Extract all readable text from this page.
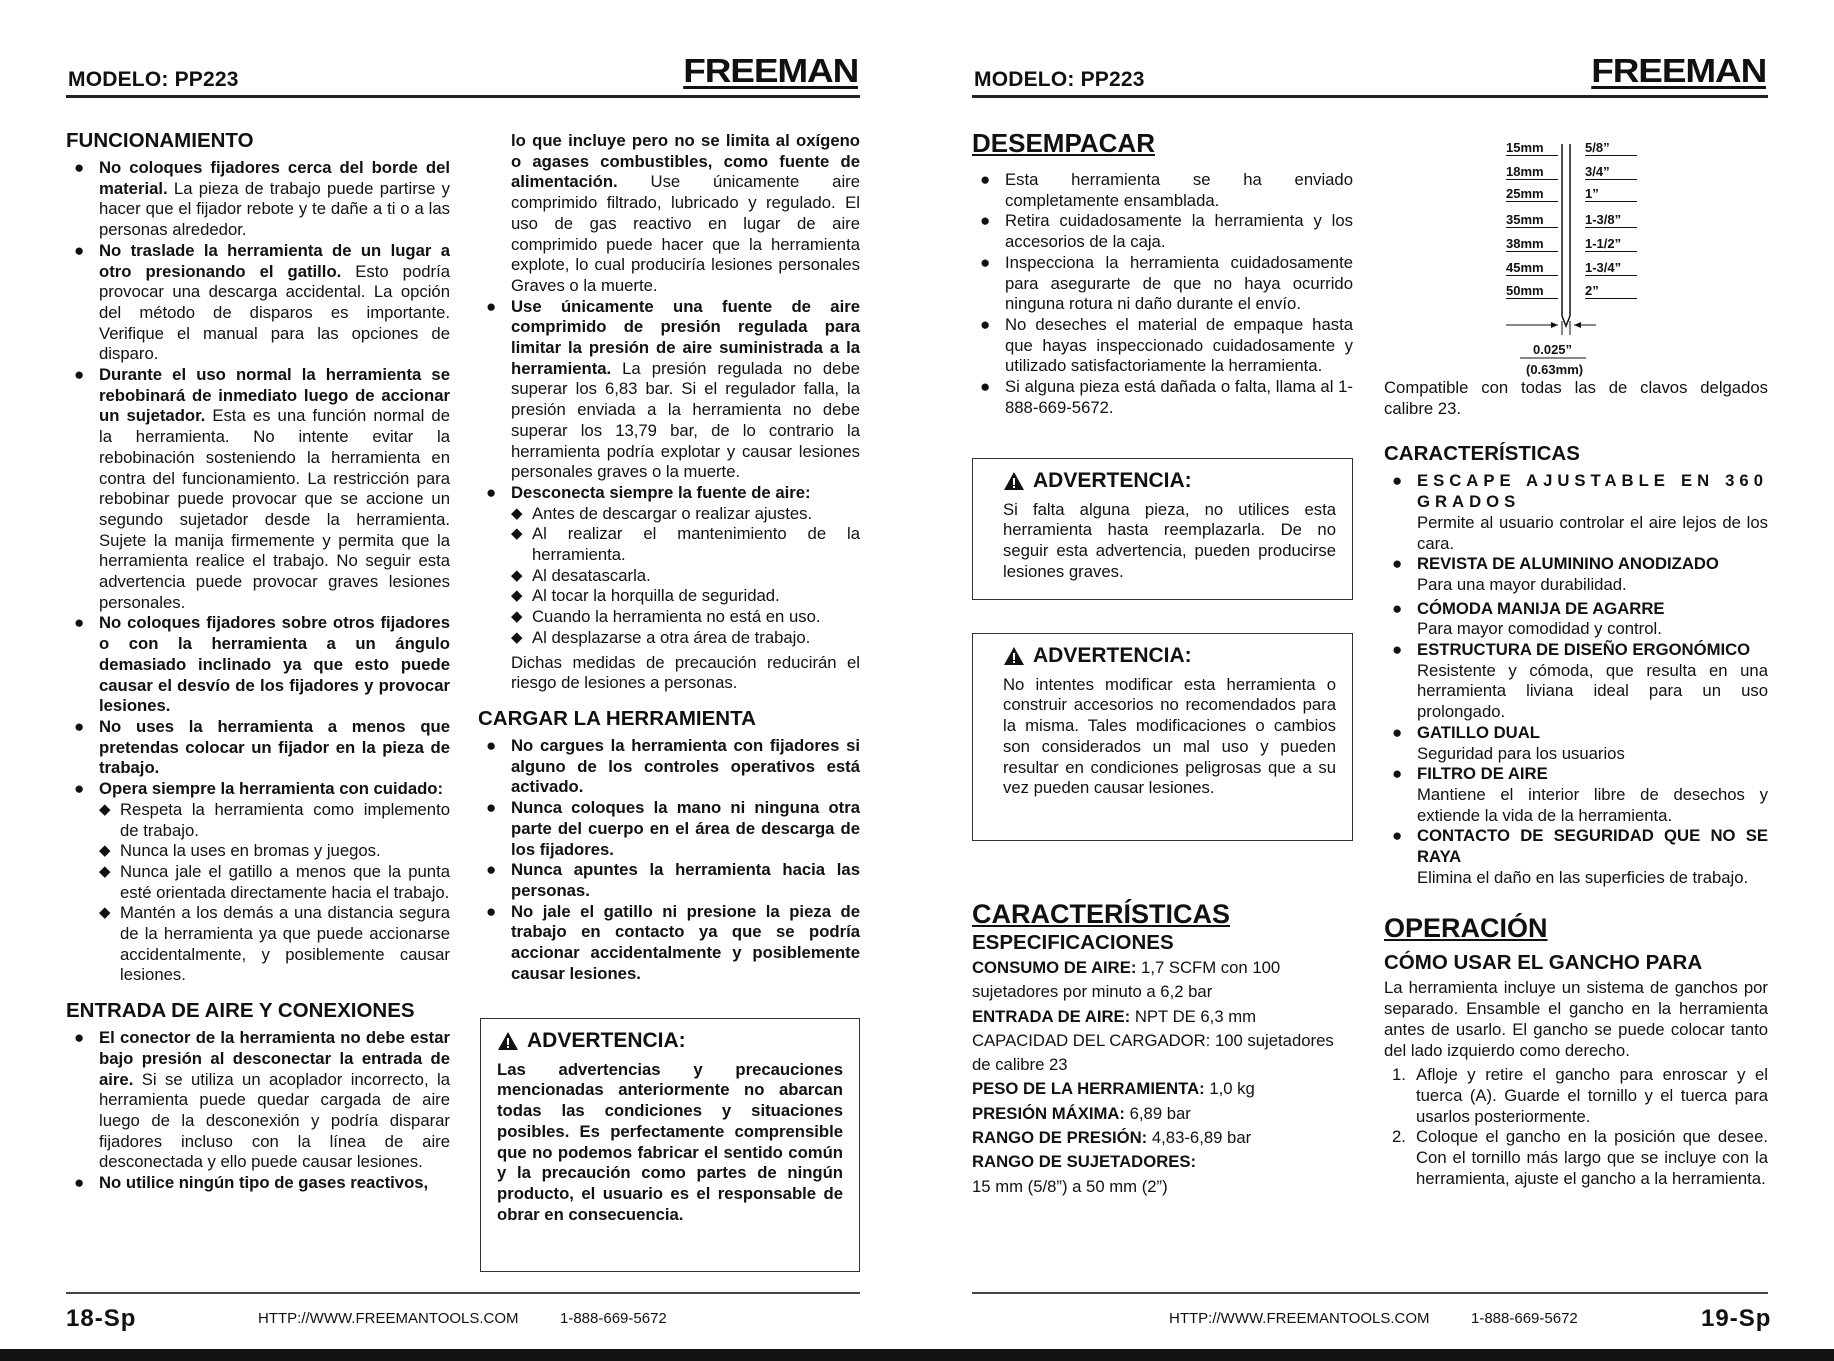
MODELO: PP223	FREEMAN
FUNCIONAMIENTO
● No coloques fijadores cerca del borde del material. La pieza de trabajo puede partirse y hacer que el fijador rebote y te dañe a ti o a las personas alrededor.
● No traslade la herramienta de un lugar a otro presionando el gatillo. Esto podría provocar una descarga accidental. La opción del método de disparos es importante. Verifique el manual para las opciones de disparo.
● Durante el uso normal la herramienta se rebobinará de inmediato luego de accionar un sujetador. Esta es una función normal de la herramienta. No intente evitar la rebobinación sosteniendo la herramienta en contra del funcionamiento. La restricción para rebobinar puede provocar que se accione un segundo sujetador desde la herramienta. Sujete la manija firmemente y permita que la herramienta realice el trabajo. No seguir esta advertencia puede provocar graves lesiones personales.
● No coloques fijadores sobre otros fijadores o con la herramienta a un ángulo demasiado inclinado ya que esto puede causar el desvío de los fijadores y provocar lesiones.
● No uses la herramienta a menos que pretendas colocar un fijador en la pieza de trabajo.
● Opera siempre la herramienta con cuidado:
◆ Respeta la herramienta como implemento de trabajo.
◆ Nunca la uses en bromas y juegos.
◆ Nunca jale el gatillo a menos que la punta esté orientada directamente hacia el trabajo.
◆ Mantén a los demás a una distancia segura de la herramienta ya que puede accionarse accidentalmente, y posiblemente causar lesiones.
ENTRADA DE AIRE Y CONEXIONES
● El conector de la herramienta no debe estar bajo presión al desconectar la entrada de aire. Si se utiliza un acoplador incorrecto, la herramienta puede quedar cargada de aire luego de la desconexión y podría disparar fijadores incluso con la línea de aire desconectada y ello puede causar lesiones.
● No utilice ningún tipo de gases reactivos,

lo que incluye pero no se limita al oxígeno o agases combustibles, como fuente de alimentación. Use únicamente aire comprimido filtrado, lubricado y regulado. El uso de gas reactivo en lugar de aire comprimido puede hacer que la herramienta explote, lo cual produciría lesiones personales Graves o la muerte.

● Use únicamente una fuente de aire comprimido de presión regulada para limitar la presión de aire suministrada a la herramienta. La presión regulada no debe superar los 6,83 bar. Si el regulador falla, la presión enviada a la herramienta no debe superar los 13,79 bar, de lo contrario la herramienta podría explotar y causar lesiones personales graves o la muerte.
● Desconecta siempre la fuente de aire:
◆ Antes de descargar o realizar ajustes.
◆ Al realizar el mantenimiento de la herramienta.
◆ Al desatascarla.
◆ Al tocar la horquilla de seguridad.
◆ Cuando la herramienta no está en uso.
◆ Al desplazarse a otra área de trabajo.

Dichas medidas de precaución reducirán el riesgo de lesiones a personas.

CARGAR LA HERRAMIENTA
● No cargues la herramienta con fijadores si alguno de los controles operativos está activado.
● Nunca coloques la mano ni ninguna otra parte del cuerpo en el área de descarga de los fijadores.
● Nunca apuntes la herramienta hacia las personas.
● No jale el gatillo ni presione la pieza de trabajo en contacto ya que se podría accionar accidentalmente y posiblemente causar lesiones.
ADVERTENCIA:

Las advertencias y precauciones mencionadas anteriormente no abarcan todas las condiciones y situaciones posibles. Es perfectamente comprensible que no podemos fabricar el sentido común y la precaución como partes de ningún producto, el usuario es el responsable de obrar en consecuencia.

18-Sp	HTTP://WWW.FREEMANTOOLS.COM	1-888-669-5672
MODELO: PP223	FREEMAN
DESEMPACAR
● Esta herramienta se ha enviado completamente ensamblada.
● Retira cuidadosamente la herramienta y los accesorios de la caja.
● Inspecciona la herramienta cuidadosamente para asegurarte de que no haya ocurrido ninguna rotura ni daño durante el envío.
● No deseches el material de empaque hasta que hayas inspeccionado cuidadosamente y utilizado satisfactoriamente la herramienta.
● Si alguna pieza está dañada o falta, llama al 1-888-669-5672.
ADVERTENCIA:

Si falta alguna pieza, no utilices esta herramienta hasta reemplazarla. De no seguir esta advertencia, pueden producirse lesiones graves.

ADVERTENCIA:

No intentes modificar esta herramienta o construir accesorios no recomendados para la misma. Tales modificaciones o cambios son considerados un mal uso y pueden resultar en condiciones peligrosas que a su vez pueden causar lesiones.

CARACTERÍSTICAS
ESPECIFICACIONES
CONSUMO DE AIRE: 1,7 SCFM con 100 sujetadores por minuto a 6,2 bar
ENTRADA DE AIRE: NPT DE 6,3 mm
CAPACIDAD DEL CARGADOR: 100 sujetadores de calibre 23
PESO DE LA HERRAMIENTA: 1,0 kg
PRESIÓN MÁXIMA: 6,89 bar
RANGO DE PRESIÓN: 4,83-6,89 bar
RANGO DE SUJETADORES:
15 mm (5/8”) a 50 mm (2”)

Compatible con todas las de clavos delgados calibre 23.

CARACTERÍSTICAS
● ESCAPE AJUSTABLE EN 360 GRADOS
Permite al usuario controlar el aire lejos de los cara.
● REVISTA DE ALUMININO ANODIZADO
Para una mayor durabilidad.
● CÓMODA MANIJA DE AGARRE
Para mayor comodidad y control.
● ESTRUCTURA DE DISEÑO ERGONÓMICO
Resistente y cómoda, que resulta en una herramienta liviana ideal para un uso prolongado.
● GATILLO DUAL
Seguridad para los usuarios
● FILTRO DE AIRE
Mantiene el interior libre de desechos y extiende la vida de la herramienta.
● CONTACTO DE SEGURIDAD QUE NO SE RAYA
Elimina el daño en las superficies de trabajo.
OPERACIÓN
CÓMO USAR EL GANCHO PARA

La herramienta incluye un sistema de ganchos por separado. Ensamble el gancho en la herramienta antes de usarlo. El gancho se puede colocar tanto del lado izquierdo como derecho.

1. Afloje y retire el gancho para enroscar y el tuerca (A). Guarde el tornillo y el tuerca para usarlos posteriormente.
2. Coloque el gancho en la posición que desee. Con el tornillo más largo que se incluye con la herramienta, ajuste el gancho a la herramienta.
15mm	5/8”
18mm	3/4”
25mm	1”
35mm	1-3/8”
38mm	1-1/2”
45mm	1-3/4”
50mm	2”
0.025”
(0.63mm)
HTTP://WWW.FREEMANTOOLS.COM	1-888-669-5672	19-Sp
